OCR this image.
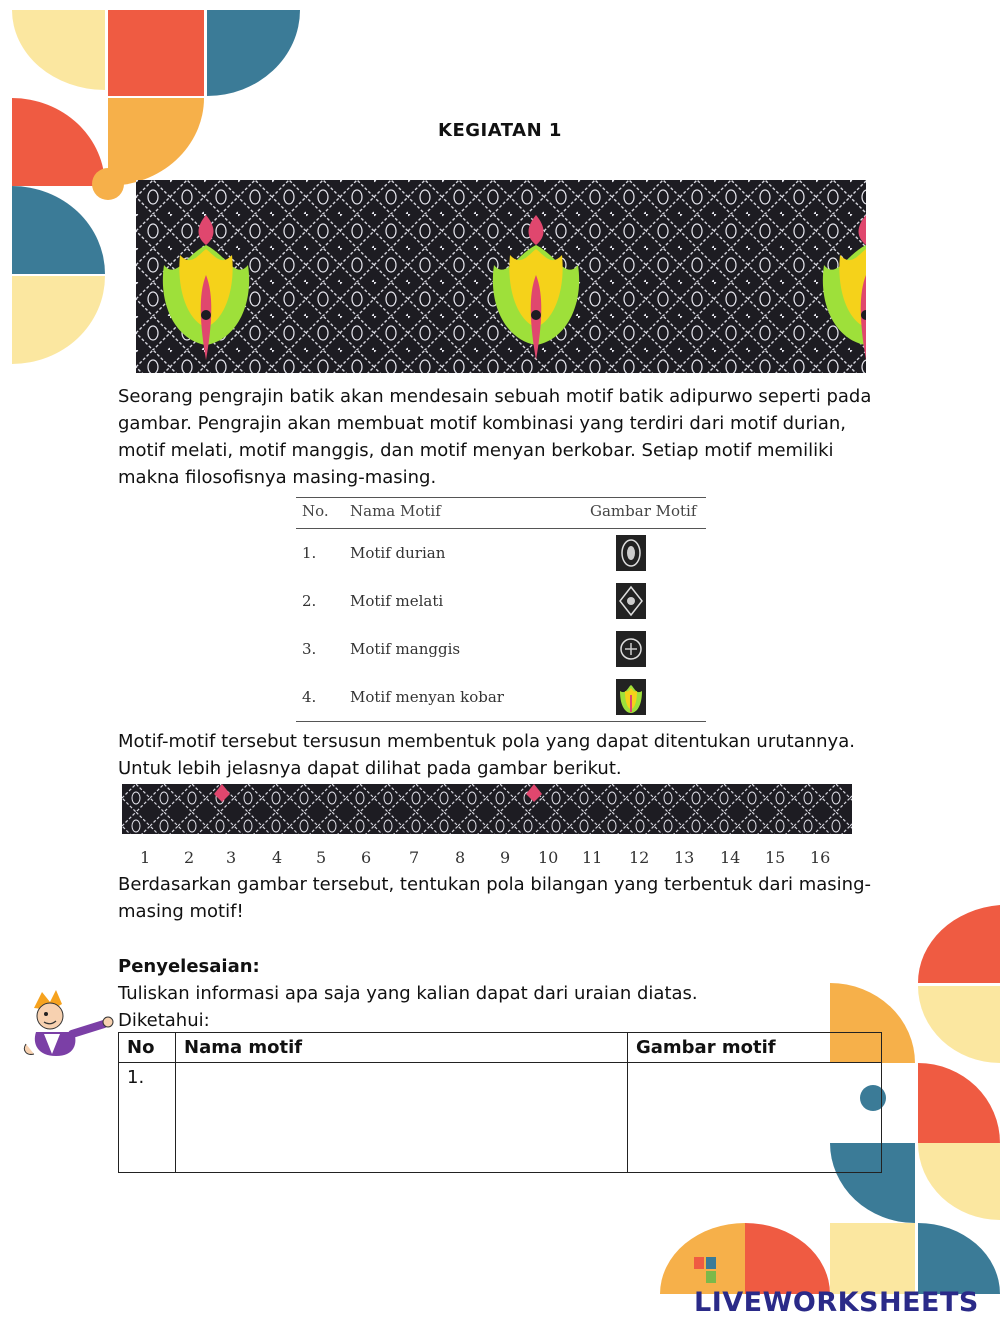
KEGIATAN 1
Seorang pengrajin batik akan mendesain sebuah motif batik adipurwo seperti pada gambar. Pengrajin akan membuat motif kombinasi yang terdiri dari motif durian, motif melati, motif manggis, dan motif menyan berkobar. Setiap motif memiliki makna filosofisnya masing-masing.
No.	Nama Motif	Gambar Motif
1.	Motif durian	
2.	Motif melati	
3.	Motif manggis	
4.	Motif menyan kobar	
Motif-motif tersebut tersusun membentuk pola yang dapat ditentukan urutannya. Untuk lebih jelasnya dapat dilihat pada gambar berikut.
1 2 3 4 5 6 7 8 9 10 11 12 13 14 15 16
Berdasarkan gambar tersebut, tentukan pola bilangan yang terbentuk dari masing-masing motif!
Penyelesaian:
Tuliskan informasi apa saja yang kalian dapat dari uraian diatas.
Diketahui:
No	Nama motif	Gambar motif
1.		
LIVEWORKSHEETS
